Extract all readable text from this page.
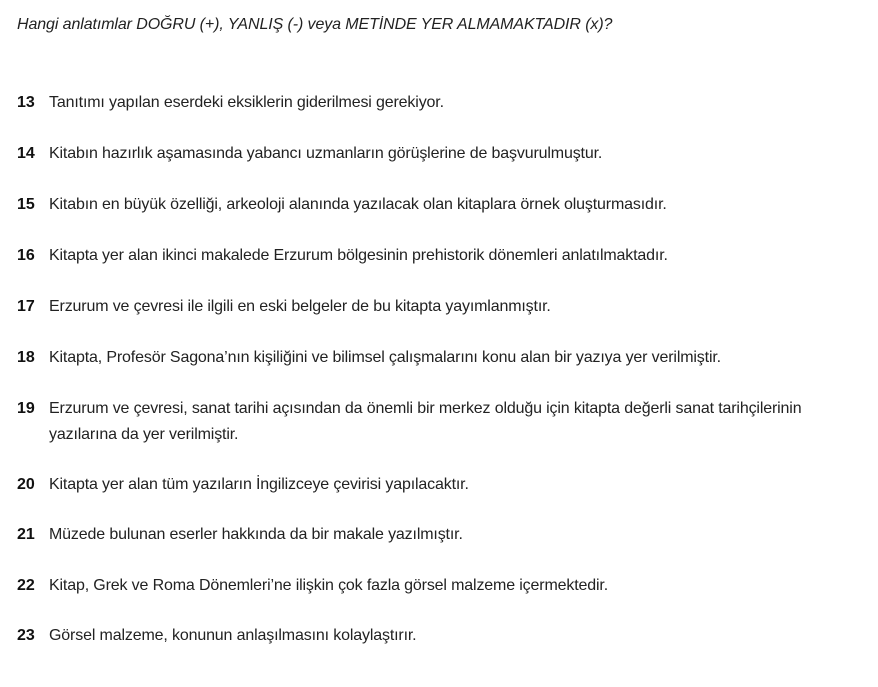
Hangi anlatımlar DOĞRU (+), YANLIŞ (-) veya METİNDE YER ALMAMAKTADIR (x)?
13 Tanıtımı yapılan eserdeki eksiklerin giderilmesi gerekiyor.
14 Kitabın hazırlık aşamasında yabancı uzmanların görüşlerine de başvurulmuştur.
15 Kitabın en büyük özelliği, arkeoloji alanında yazılacak olan kitaplara örnek oluşturmasıdır.
16 Kitapta yer alan ikinci makalede Erzurum bölgesinin prehistorik dönemleri anlatılmaktadır.
17 Erzurum ve çevresi ile ilgili en eski belgeler de bu kitapta yayımlanmıştır.
18 Kitapta, Profesör Sagona’nın kişiliğini ve bilimsel çalışmalarını konu alan bir yazıya yer verilmiştir.
19 Erzurum ve çevresi, sanat tarihi açısından da önemli bir merkez olduğu için kitapta değerli sanat tarihçilerinin yazılarına da yer verilmiştir.
20 Kitapta yer alan tüm yazıların İngilizceye çevirisi yapılacaktır.
21 Müzede bulunan eserler hakkında da bir makale yazılmıştır.
22 Kitap, Grek ve Roma Dönemleri’ne ilişkin çok fazla görsel malzeme içermektedir.
23 Görsel malzeme, konunun anlaşılmasını kolaylaştırır.
